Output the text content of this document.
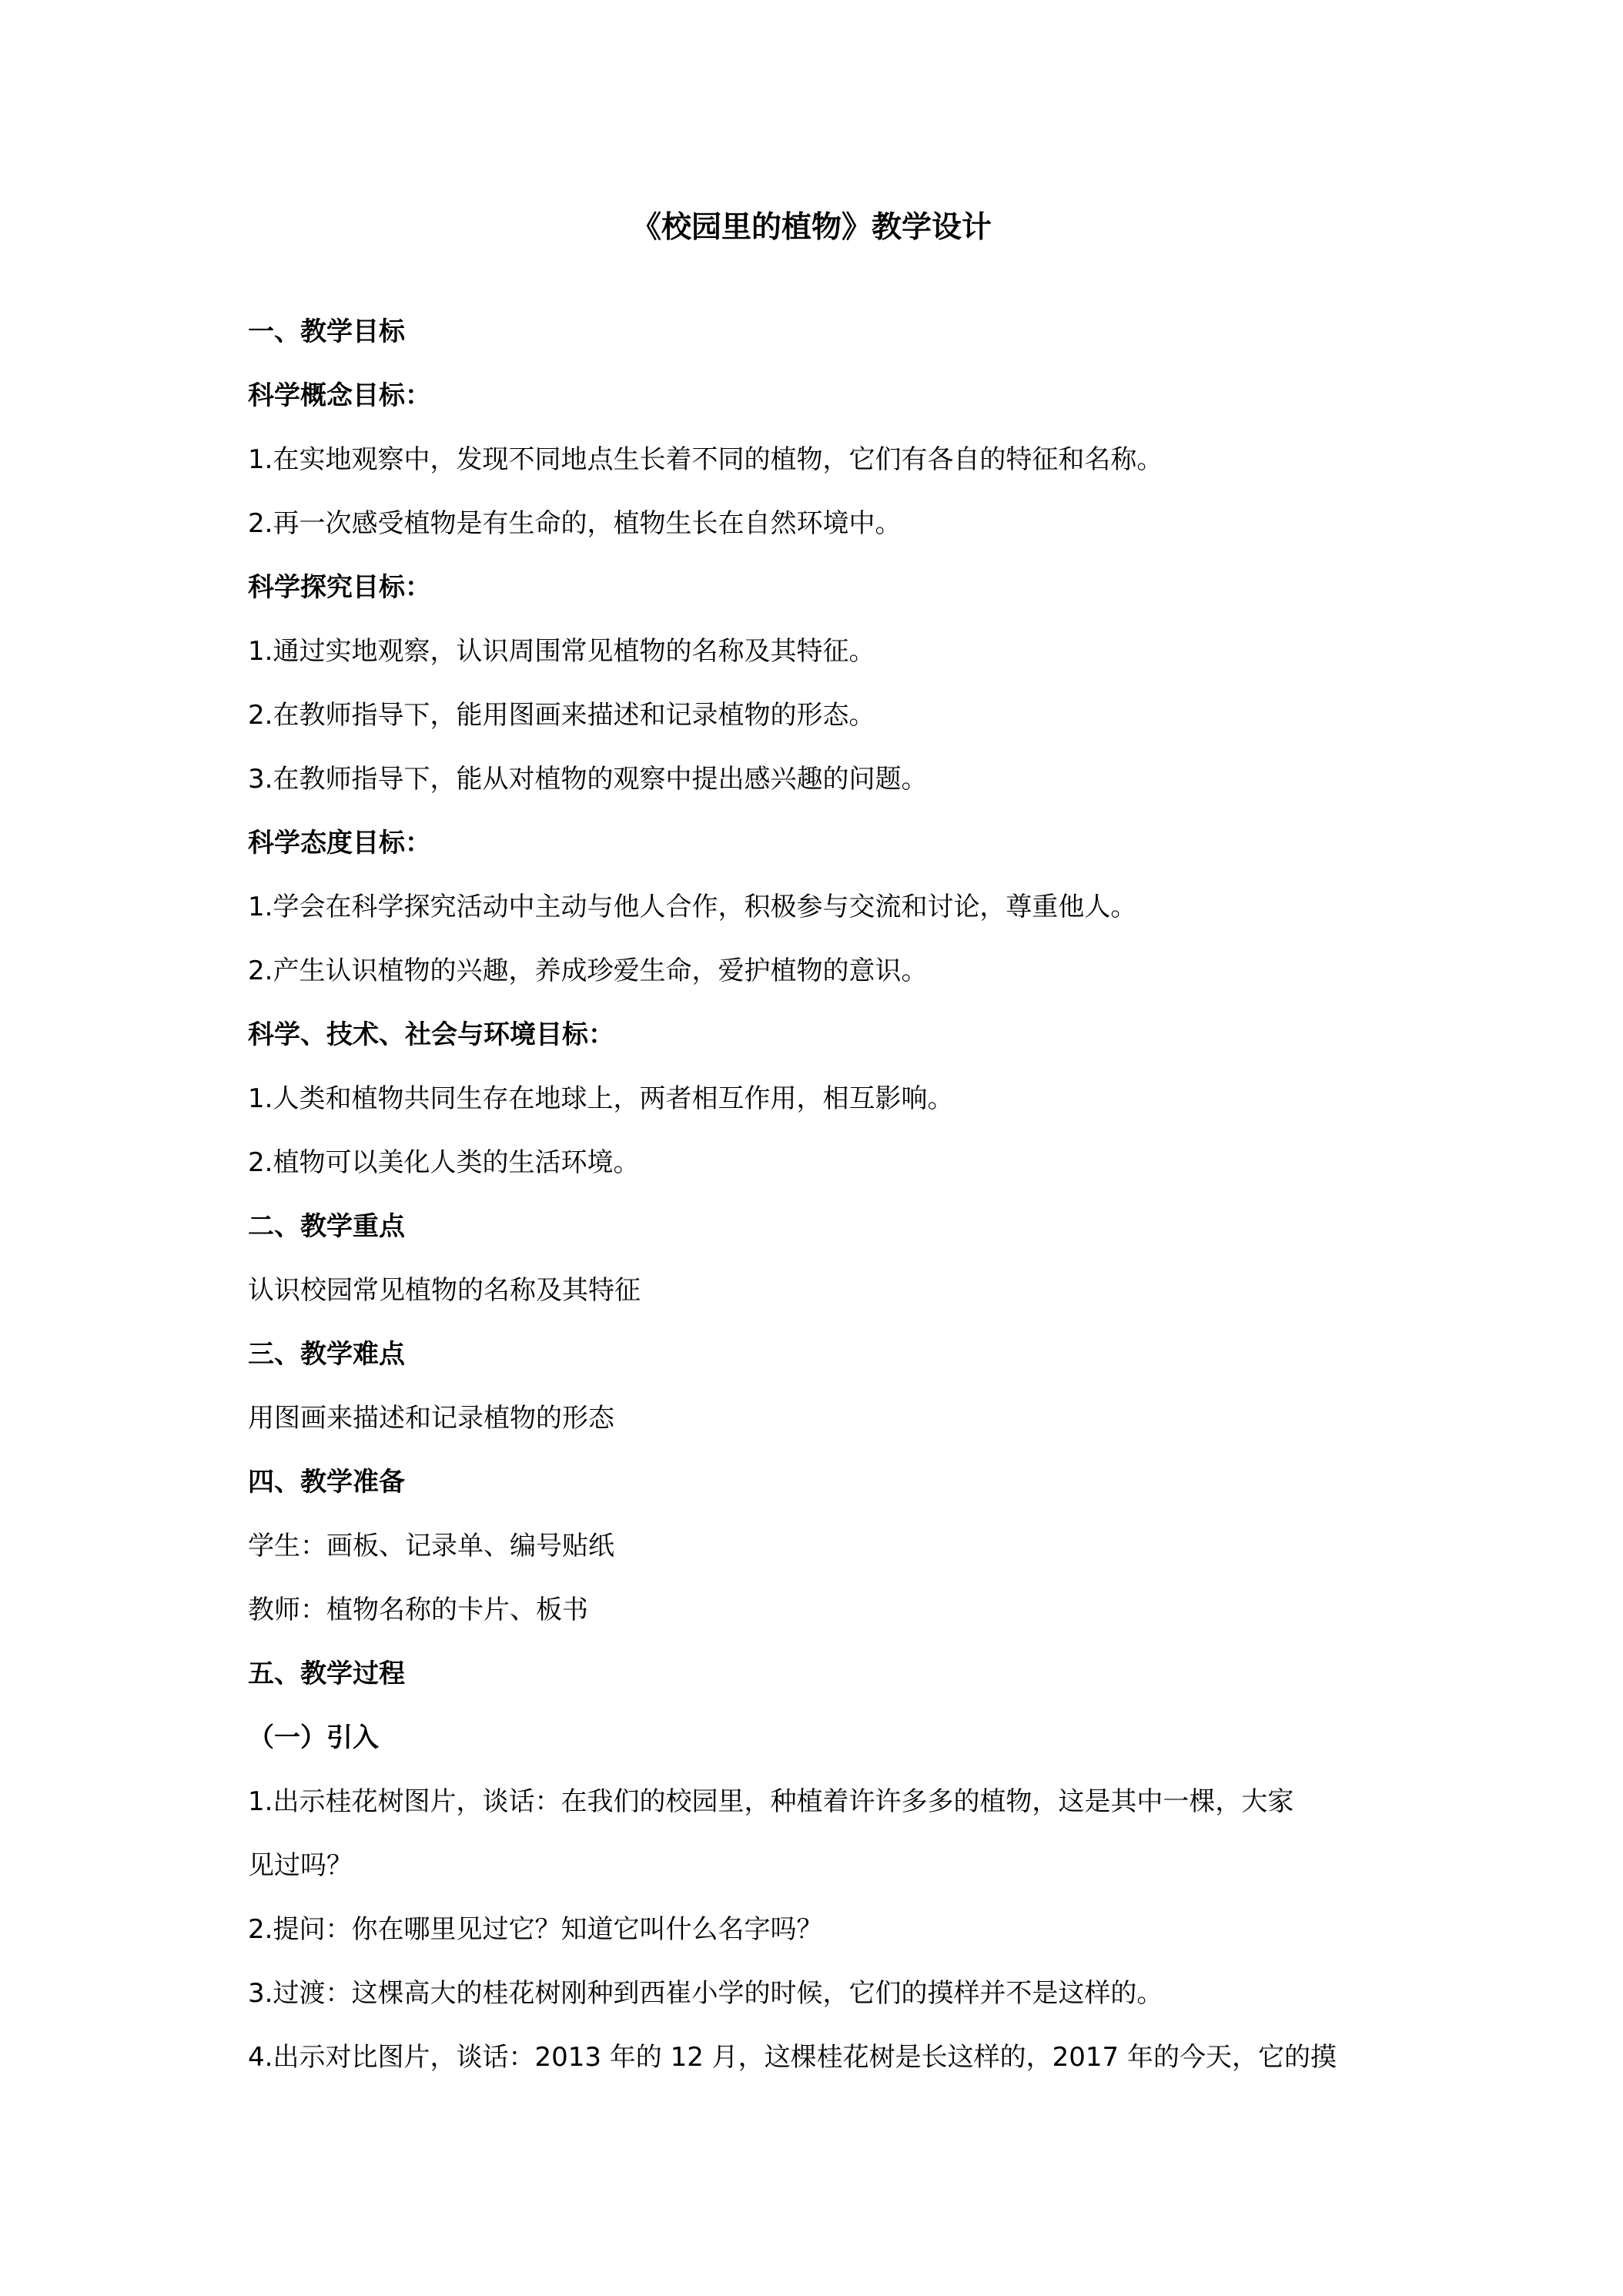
《校园里的植物》教学设计

一、教学目标

科学概念目标：

1.在实地观察中，发现不同地点生长着不同的植物，它们有各自的特征和名称。

2.再一次感受植物是有生命的，植物生长在自然环境中。

科学探究目标：

1.通过实地观察，认识周围常见植物的名称及其特征。

2.在教师指导下，能用图画来描述和记录植物的形态。

3.在教师指导下，能从对植物的观察中提出感兴趣的问题。

科学态度目标：

1.学会在科学探究活动中主动与他人合作，积极参与交流和讨论，尊重他人。

2.产生认识植物的兴趣，养成珍爱生命，爱护植物的意识。

科学、技术、社会与环境目标：

1.人类和植物共同生存在地球上，两者相互作用，相互影响。

2.植物可以美化人类的生活环境。

二、教学重点

认识校园常见植物的名称及其特征

三、教学难点

用图画来描述和记录植物的形态

四、教学准备

学生：画板、记录单、编号贴纸

教师：植物名称的卡片、板书

五、教学过程

（一）引入

1.出示桂花树图片，谈话：在我们的校园里，种植着许许多多的植物，这是其中一棵，大家

见过吗？

2.提问：你在哪里见过它？知道它叫什么名字吗？

3.过渡：这棵高大的桂花树刚种到西崔小学的时候，它们的摸样并不是这样的。

4.出示对比图片，谈话：2013 年的 12 月，这棵桂花树是长这样的，2017 年的今天，它的摸
